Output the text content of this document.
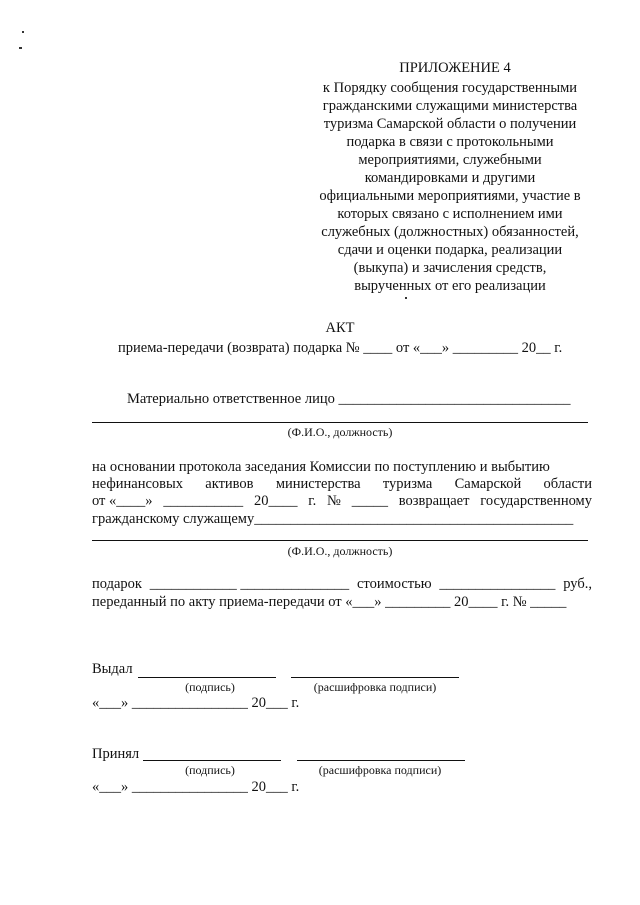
ПРИЛОЖЕНИЕ 4
к Порядку сообщения государственными
гражданскими служащими министерства
туризма Самарской области о получении
подарка в связи с протокольными
мероприятиями, служебными
командировками и другими
официальными мероприятиями, участие в
которых связано с исполнением ими
служебных (должностных) обязанностей,
сдачи и оценки подарка, реализации
(выкупа) и зачисления средств,
вырученных от его реализации
АКТ
приема-передачи (возврата) подарка № ____ от «___» _________ 20__ г.
Материально ответственное лицо ________________________________
(Ф.И.О., должность)
на основании протокола заседания Комиссии по поступлению и выбытию
нефинансовых активов министерства туризма Самарской области
от «____» ___________ 20____ г. № _____ возвращает государственному
гражданскому служащему____________________________________________
(Ф.И.О., должность)
подарок ____________ _______________ стоимостью ________________ руб.,
переданный по акту приема-передачи от «___» _________ 20____ г. № _____
Выдал
(подпись)	(расшифровка подписи)
«___» ________________ 20___ г.
Принял
(подпись)	(расшифровка подписи)
«___» ________________ 20___ г.
